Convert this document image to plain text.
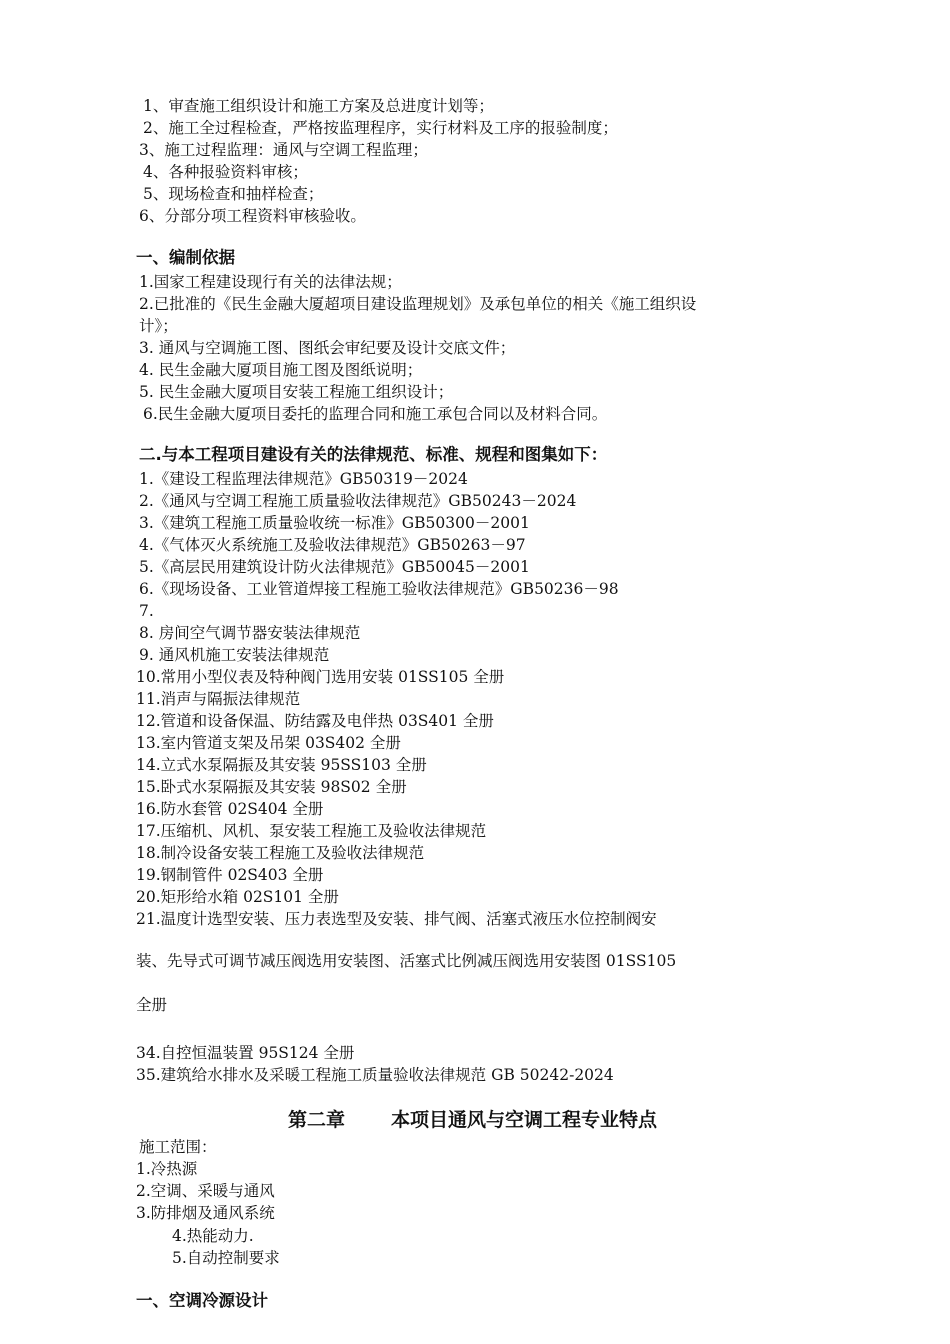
1、审查施工组织设计和施工方案及总进度计划等；
2、施工全过程检查，严格按监理程序，实行材料及工序的报验制度；
3、施工过程监理：通风与空调工程监理；
4、各种报验资料审核；
5、现场检查和抽样检查；
6、分部分项工程资料审核验收。
一、编制依据
1.国家工程建设现行有关的法律法规；
2.已批准的《民生金融大厦超项目建设监理规划》及承包单位的相关《施工组织设
计》；
3. 通风与空调施工图、图纸会审纪要及设计交底文件；
4. 民生金融大厦项目施工图及图纸说明；
5. 民生金融大厦项目安装工程施工组织设计；
6.民生金融大厦项目委托的监理合同和施工承包合同以及材料合同。
二.与本工程项目建设有关的法律规范、标准、规程和图集如下：
1.《建设工程监理法律规范》GB50319－2024
2.《通风与空调工程施工质量验收法律规范》GB50243－2024
3.《建筑工程施工质量验收统一标准》GB50300－2001
4.《气体灭火系统施工及验收法律规范》GB50263－97
5.《高层民用建筑设计防火法律规范》GB50045－2001
6.《现场设备、工业管道焊接工程施工验收法律规范》GB50236－98
7.
8. 房间空气调节器安装法律规范
9. 通风机施工安装法律规范
10.常用小型仪表及特种阀门选用安装 01SS105 全册
11.消声与隔振法律规范
12.管道和设备保温、防结露及电伴热 03S401 全册
13.室内管道支架及吊架 03S402 全册
14.立式水泵隔振及其安装 95SS103 全册
15.卧式水泵隔振及其安装 98S02 全册
16.防水套管 02S404 全册
17.压缩机、风机、泵安装工程施工及验收法律规范
18.制冷设备安装工程施工及验收法律规范
19.钢制管件 02S403 全册
20.矩形给水箱 02S101 全册
21.温度计选型安装、压力表选型及安装、排气阀、活塞式液压水位控制阀安
装、先导式可调节减压阀选用安装图、活塞式比例减压阀选用安装图 01SS105
全册
34.自控恒温装置 95S124 全册
35.建筑给水排水及采暖工程施工质量验收法律规范 GB 50242-2024
第二章 本项目通风与空调工程专业特点
施工范围：
1.冷热源
2.空调、采暖与通风
3.防排烟及通风系统
4.热能动力.
5.自动控制要求
一、空调冷源设计
